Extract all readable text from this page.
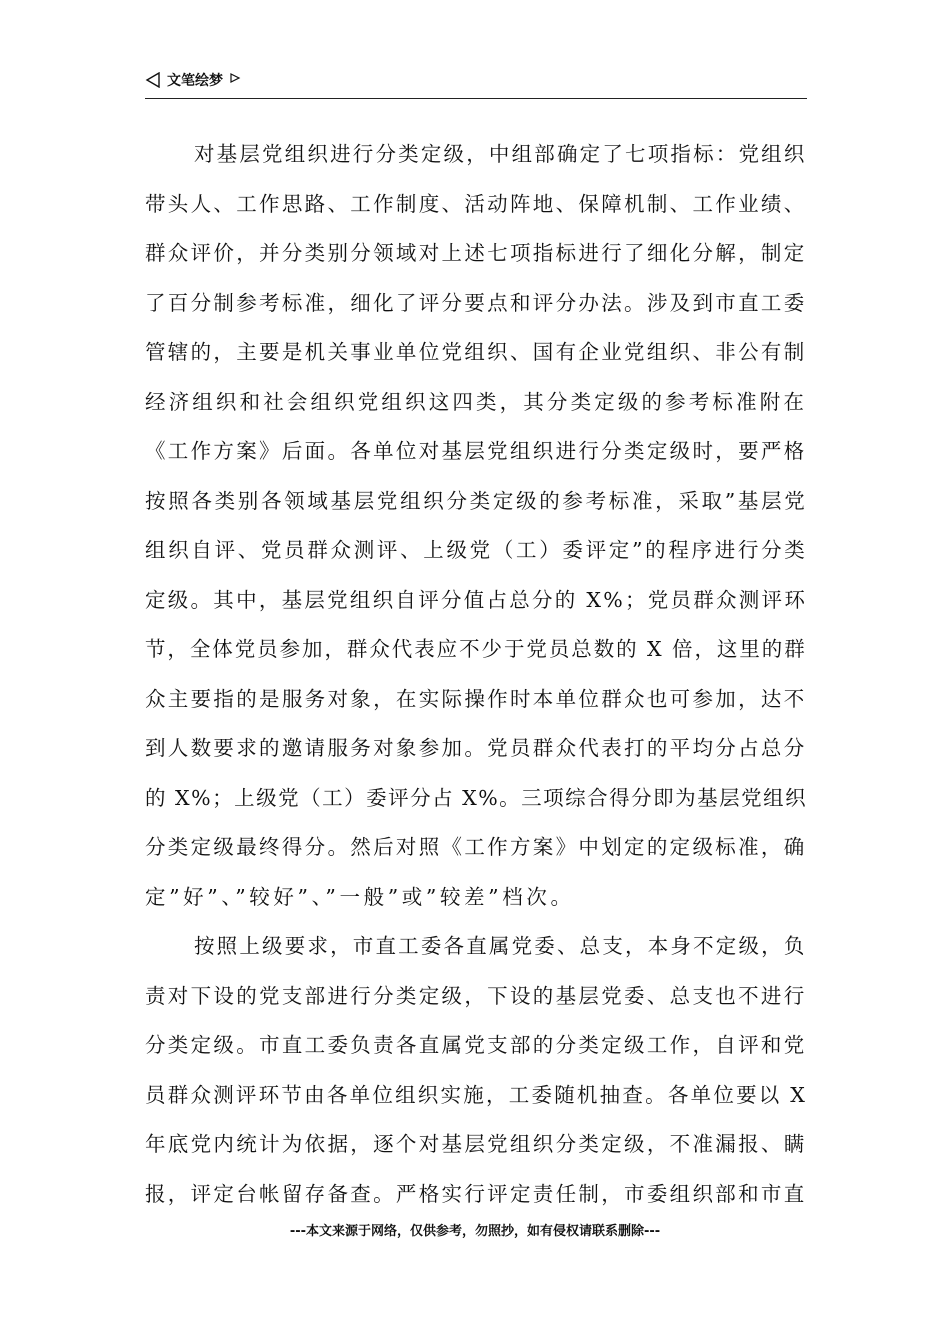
文笔绘梦
对基层党组织进行分类定级，中组部确定了七项指标：党组织
带头人、工作思路、工作制度、活动阵地、保障机制、工作业绩、
群众评价，并分类别分领域对上述七项指标进行了细化分解，制定
了百分制参考标准，细化了评分要点和评分办法。涉及到市直工委
管辖的，主要是机关事业单位党组织、国有企业党组织、非公有制
经济组织和社会组织党组织这四类，其分类定级的参考标准附在
《工作方案》后面。各单位对基层党组织进行分类定级时，要严格
按照各类别各领域基层党组织分类定级的参考标准，采取”基层党
组织自评、党员群众测评、上级党（工）委评定”的程序进行分类
定级。其中，基层党组织自评分值占总分的 X%；党员群众测评环
节，全体党员参加，群众代表应不少于党员总数的 X 倍，这里的群
众主要指的是服务对象，在实际操作时本单位群众也可参加，达不
到人数要求的邀请服务对象参加。党员群众代表打的平均分占总分
的 X%；上级党（工）委评分占 X%。三项综合得分即为基层党组织
分类定级最终得分。然后对照《工作方案》中划定的定级标准，确
定”好”、”较好”、”一般”或”较差”档次。
按照上级要求，市直工委各直属党委、总支，本身不定级，负
责对下设的党支部进行分类定级，下设的基层党委、总支也不进行
分类定级。市直工委负责各直属党支部的分类定级工作，自评和党
员群众测评环节由各单位组织实施，工委随机抽查。各单位要以 X
年底党内统计为依据，逐个对基层党组织分类定级，不准漏报、瞒
报，评定台帐留存备查。严格实行评定责任制，市委组织部和市直
---本文来源于网络，仅供参考，勿照抄，如有侵权请联系删除---
